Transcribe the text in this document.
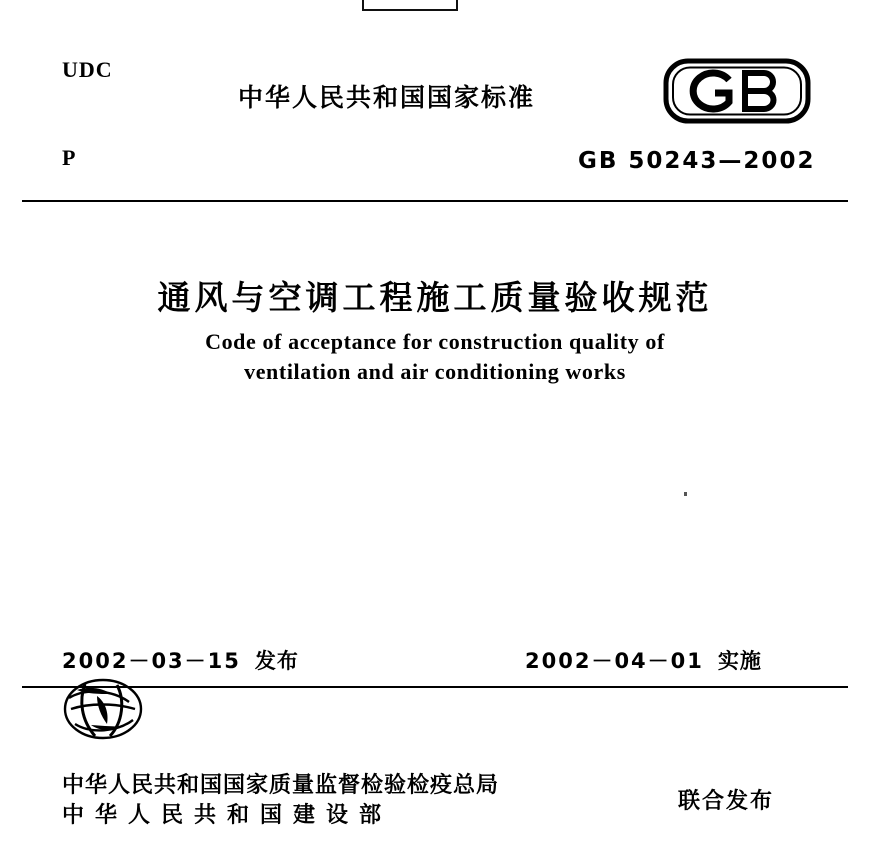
UDC
P
中华人民共和国国家标准
GB 50243—2002
通风与空调工程施工质量验收规范
Code of acceptance for construction quality of
ventilation and air conditioning works
2002－03－15 发布	2002－04－01 实施
中华人民共和国国家质量监督检验检疫总局
中华人民共和国建设部
联合发布
